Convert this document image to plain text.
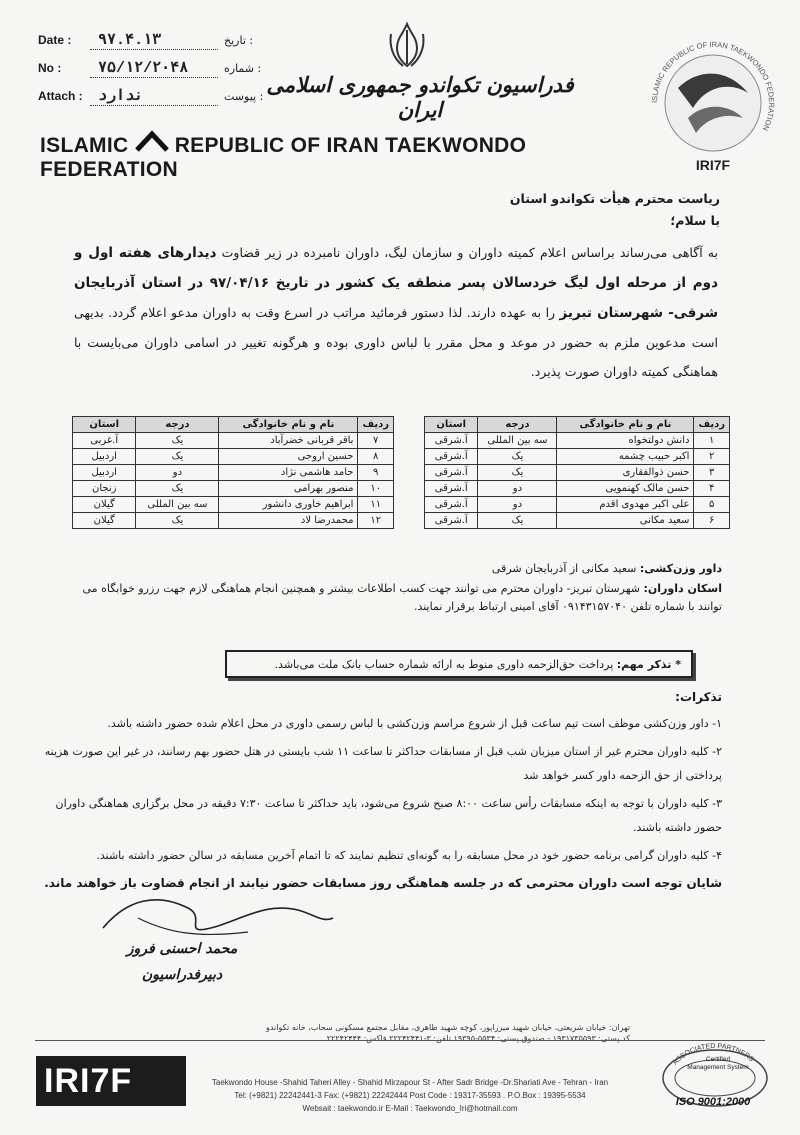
Date :	۹۷.۴.۱۳	تاریخ :
No :	۷۵/۱۲/۲۰۴۸	شماره :
Attach :	ندارد	پیوست : فدراسیون تکواندو جمهوری اسلامی ایران
ISLAMIC REPUBLIC OF IRAN TAEKWONDO FEDERATION
ISLAMIC REPUBLIC OF IRAN TAEKWONDO FEDERATION
IRI7F
ریاست محترم هیأت تکواندو استان
با سلام؛
به آگاهی می‌رساند براساس اعلام کمیته داوران و سازمان لیگ، داوران نامبرده در زیر قضاوت دیدارهای هفته اول و دوم از مرحله اول لیگ خردسالان پسر منطقه یک کشور در تاریخ ۹۷/۰۴/۱۶ در استان آذربایجان شرقی- شهرستان تبریز را به عهده دارند. لذا دستور فرمائید مراتب در اسرع وقت به داوران مدعو اعلام گردد. بدیهی است مدعوین ملزم به حضور در موعد و محل مقرر با لباس داوری بوده و هرگونه تغییر در اسامی داوران می‌بایست با هماهنگی کمیته داوران صورت پذیرد.
ردیف	نام و نام خانوادگی	درجه	استان
۱	دانش دولتخواه	سه بین المللی	آ.شرقی
۲	اکبر حبیب چشمه	یک	آ.شرقی
۳	حسن ذوالفقاری	یک	آ.شرقی
۴	حسن مالک کهنمویی	دو	آ.شرقی
۵	علی اکبر مهدوی اقدم	دو	آ.شرقی
۶	سعید مکانی	یک	آ.شرقی
ردیف	نام و نام خانوادگی	درجه	استان
۷	باقر قربانی خضرآباد	یک	آ.غربی
۸	حسین اروجی	یک	اردبیل
۹	حامد هاشمی نژاد	دو	اردبیل
۱۰	منصور بهرامی	یک	زنجان
۱۱	ابراهیم خاوری دانشور	سه بین المللی	گیلان
۱۲	محمدرضا لاد	یک	گیلان
داور وزن‌کشی: سعید مکانی از آذربایجان شرقی
اسکان داوران: شهرستان تبریز- داوران محترم می توانند جهت کسب اطلاعات بیشتر و همچنین انجام هماهنگی لازم جهت رزرو خوابگاه می توانند با شماره تلفن ۰۹۱۴۳۱۵۷۰۴۰ آقای امینی ارتباط برقرار نمایند.
* تذکر مهم:

پرداخت حق‌الزحمه داوری منوط به ارائه شماره حساب بانک ملت می‌باشد.
تذکرات:

۱- داور وزن‌کشی موظف است تیم ساعت قبل از شروع مراسم وزن‌کشی با لباس رسمی داوری در محل اعلام شده حضور داشته باشد.

۲- کلیه داوران محترم غیر از استان میزبان شب قبل از مسابقات حداکثر تا ساعت ۱۱ شب بایستی در هتل حضور بهم رسانند، در غیر این صورت هزینه پرداختی از حق الزحمه داور کسر خواهد شد

۳- کلیه داوران با توجه به اینکه مسابقات رأس ساعت ۸:۰۰ صبح شروع می‌شود، باید حداکثر تا ساعت ۷:۳۰ دقیقه در محل برگزاری هماهنگی داوران حضور داشته باشند.

۴- کلیه داوران گرامی برنامه حضور خود در محل مسابقه را به گونه‌ای تنظیم نمایند که تا اتمام آخرین مسابقه در سالن حضور داشته باشند.

شایان توجه است داوران محترمی که در جلسه هماهنگی روز مسابقات حضور نیابند از انجام قضاوت باز خواهند ماند.
محمد احسنی فروز
دبیرفدراسیون
تهران: خیابان شریعتی، خیابان شهید میرزاپور، کوچه شهید طاهری، مقابل مجتمع مسکونی سحاب، خانه تکواندو
کد پستی: ۱۹۳۱۷۳۵۵۹۳ - صندوق پستی: ۵۵۳۴-۱۹۳۹۵ تلفن: ۳-۲۲۲۴۲۴۴۱ فاکس: ۲۲۲۴۲۴۴۴
IRI7F	Taekwondo House -Shahid Taheri Alley - Shahid Mirzapour St - After Sadr Bridge -Dr.Shariati Ave - Tehran - Iran
Tel: (+9821) 22242441-3 Fax: (+9821) 22242444 Post Code : 19317-35593 . P.O.Box : 19395-5534
Websait : taekwondo.ir E-Mail : Taekwondo_Iri@hotmail.com
ASSOCIATED PARTNERS
Certified
Management System
ISO 9001:2000
